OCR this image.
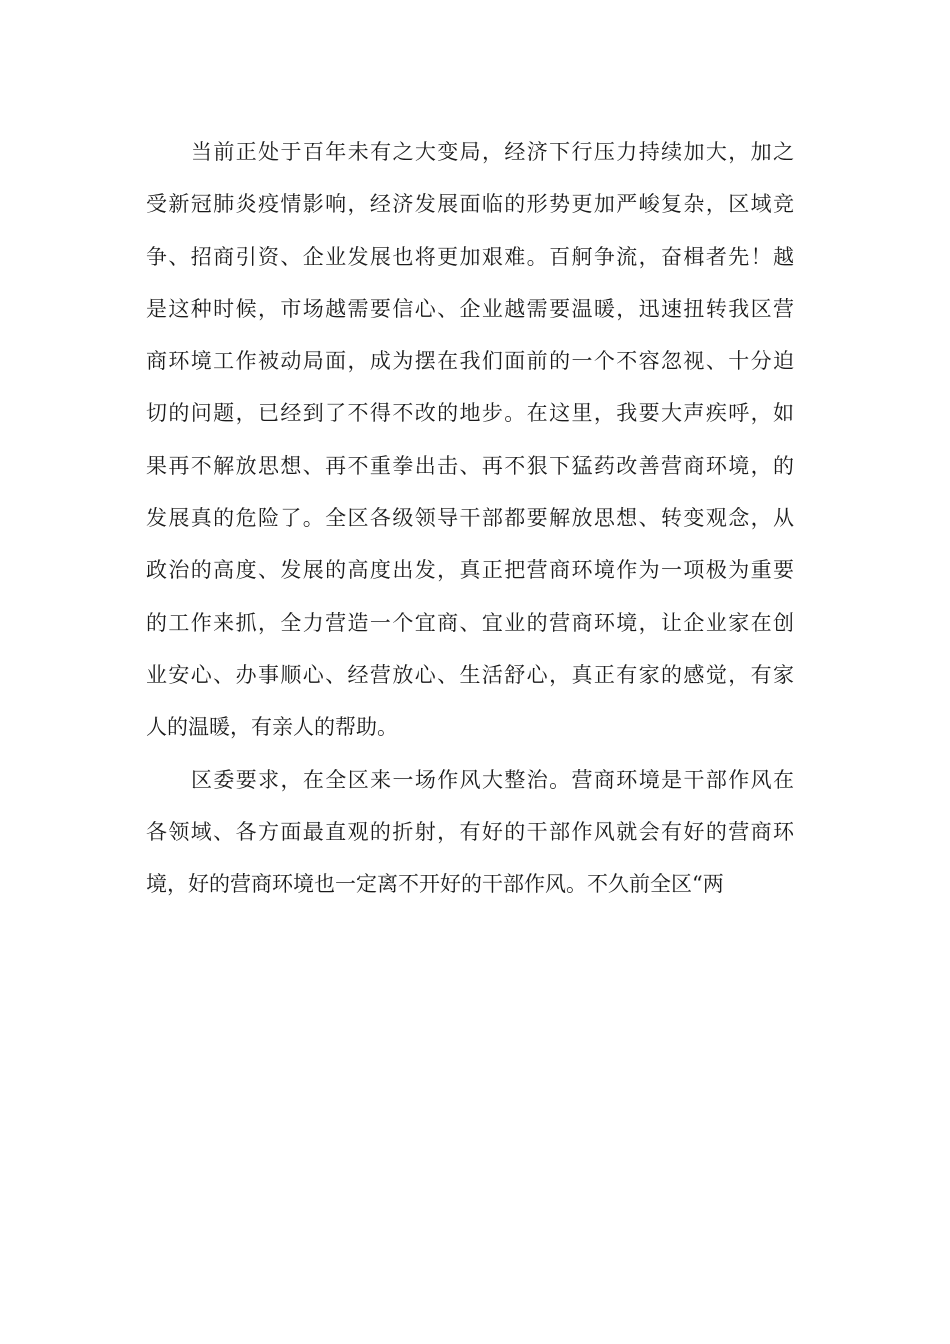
当前正处于百年未有之大变局，经济下行压力持续加大，加之
受新冠肺炎疫情影响，经济发展面临的形势更加严峻复杂，区域竞
争、招商引资、企业发展也将更加艰难。百舸争流，奋楫者先！越
是这种时候，市场越需要信心、企业越需要温暖，迅速扭转我区营
商环境工作被动局面，成为摆在我们面前的一个不容忽视、十分迫
切的问题，已经到了不得不改的地步。在这里，我要大声疾呼，如
果再不解放思想、再不重拳出击、再不狠下猛药改善营商环境，的
发展真的危险了。全区各级领导干部都要解放思想、转变观念，从
政治的高度、发展的高度出发，真正把营商环境作为一项极为重要
的工作来抓，全力营造一个宜商、宜业的营商环境，让企业家在创
业安心、办事顺心、经营放心、生活舒心，真正有家的感觉，有家
人的温暖，有亲人的帮助。
区委要求，在全区来一场作风大整治。营商环境是干部作风在
各领域、各方面最直观的折射，有好的干部作风就会有好的营商环
境，好的营商环境也一定离不开好的干部作风。不久前全区“两
